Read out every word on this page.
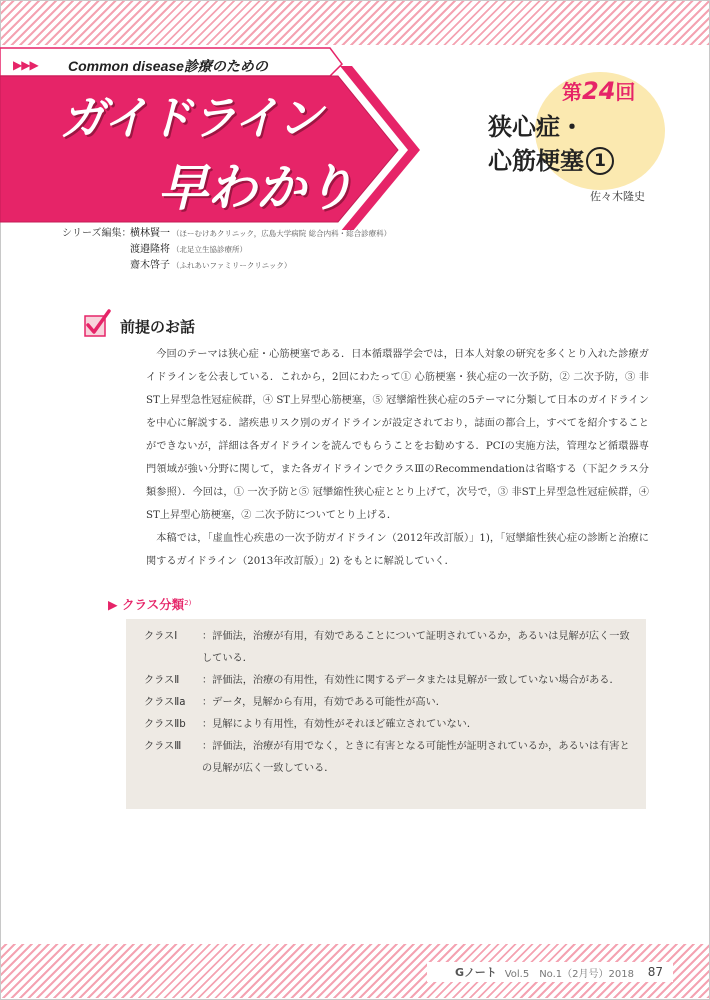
▶▶▶ Common disease診療のための
ガイドライン
早わかり
第24回
狭心症・
心筋梗塞 1
佐々木隆史
シリーズ編集：横林賢一 （ほーむけあクリニック，広島大学病院 総合内科・総合診療科）
渡邉隆将 （北足立生協診療所）
齋木啓子 （ふれあいファミリークリニック）
前提のお話

今回のテーマは狭心症・心筋梗塞である．日本循環器学会では，日本人対象の研究を多くとり入れた診療ガイドラインを公表している．これから，2回にわたって① 心筋梗塞・狭心症の一次予防，② 二次予防，③ 非ST上昇型急性冠症候群，④ ST上昇型心筋梗塞，⑤ 冠攣縮性狭心症の5テーマに分類して日本のガイドラインを中心に解説する．諸疾患リスク別のガイドラインが設定されており，誌面の都合上，すべてを紹介することができないが，詳細は各ガイドラインを読んでもらうことをお勧めする．PCIの実施方法，管理など循環器専門領域が強い分野に関して，また各ガイドラインでクラスⅢのRecommendationは省略する（下記クラス分類参照）．今回は，① 一次予防と⑤ 冠攣縮性狭心症ととり上げて，次号で，③ 非ST上昇型急性冠症候群，④ ST上昇型心筋梗塞，② 二次予防についてとり上げる．

本稿では，「虚血性心疾患の一次予防ガイドライン（2012年改訂版）」1)，「冠攣縮性狭心症の診断と治療に関するガイドライン（2013年改訂版）」2) をもとに解説していく．

▶ クラス分類$^{2)}$
クラスⅠ	：評価法，治療が有用，有効であることについて証明されているか，あるいは見解が広く一致している．
クラスⅡ	：評価法，治療の有用性，有効性に関するデータまたは見解が一致していない場合がある．
クラスⅡa	：データ，見解から有用，有効である可能性が高い．
クラスⅡb	：見解により有用性，有効性がそれほど確立されていない．
クラスⅢ	：評価法，治療が有用でなく，ときに有害となる可能性が証明されているか，あるいは有害との見解が広く一致している．
Gノート Vol.5　No.1（2月号）2018 87
